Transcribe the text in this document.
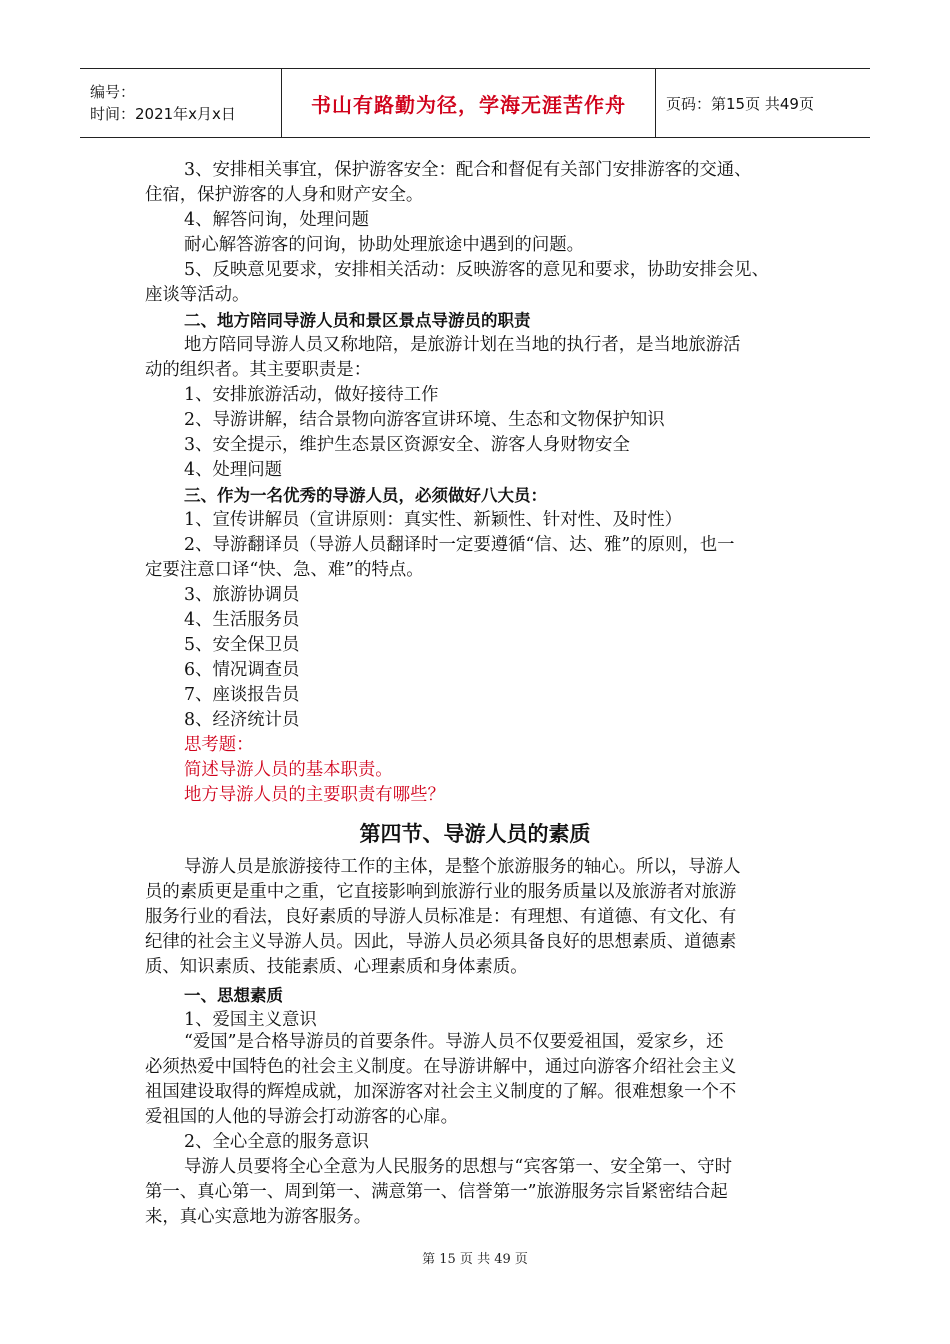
编号：
时间：2021年x月x日	书山有路勤为径，学海无涯苦作舟	页码：第15页 共49页
3、安排相关事宜，保护游客安全：配合和督促有关部门安排游客的交通、
住宿，保护游客的人身和财产安全。
4、解答问询，处理问题
耐心解答游客的问询，协助处理旅途中遇到的问题。
5、反映意见要求，安排相关活动：反映游客的意见和要求，协助安排会见、
座谈等活动。
二、地方陪同导游人员和景区景点导游员的职责
地方陪同导游人员又称地陪，是旅游计划在当地的执行者，是当地旅游活
动的组织者。其主要职责是：
1、安排旅游活动，做好接待工作
2、导游讲解，结合景物向游客宣讲环境、生态和文物保护知识
3、安全提示，维护生态景区资源安全、游客人身财物安全
4、处理问题
三、作为一名优秀的导游人员，必须做好八大员：
1、宣传讲解员（宣讲原则：真实性、新颖性、针对性、及时性）
2、导游翻译员（导游人员翻译时一定要遵循“信、达、雅”的原则，也一
定要注意口译“快、急、难”的特点。
3、旅游协调员
4、生活服务员
5、安全保卫员
6、情况调查员
7、座谈报告员
8、经济统计员
思考题：
简述导游人员的基本职责。
地方导游人员的主要职责有哪些？
第四节、导游人员的素质
导游人员是旅游接待工作的主体，是整个旅游服务的轴心。所以，导游人
员的素质更是重中之重，它直接影响到旅游行业的服务质量以及旅游者对旅游
服务行业的看法，良好素质的导游人员标准是：有理想、有道德、有文化、有
纪律的社会主义导游人员。因此，导游人员必须具备良好的思想素质、道德素
质、知识素质、技能素质、心理素质和身体素质。
一、思想素质
1、爱国主义意识
“爱国”是合格导游员的首要条件。导游人员不仅要爱祖国，爱家乡，还
必须热爱中国特色的社会主义制度。在导游讲解中，通过向游客介绍社会主义
祖国建设取得的辉煌成就，加深游客对社会主义制度的了解。很难想象一个不
爱祖国的人他的导游会打动游客的心扉。
2、全心全意的服务意识
导游人员要将全心全意为人民服务的思想与“宾客第一、安全第一、守时
第一、真心第一、周到第一、满意第一、信誉第一”旅游服务宗旨紧密结合起
来，真心实意地为游客服务。
第 15 页 共 49 页
